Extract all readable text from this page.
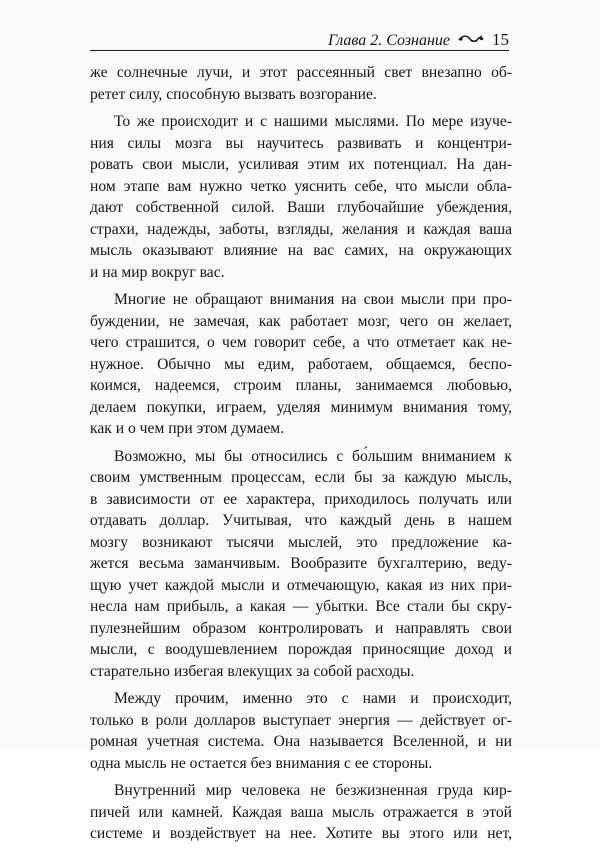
Глава 2. Сознание 15
же солнечные лучи, и этот рассеянный свет внезапно об-
ретет силу, способную вызвать возгорание.
То же происходит и с нашими мыслями. По мере изуче-
ния силы мозга вы научитесь развивать и концентри-
ровать свои мысли, усиливая этим их потенциал. На дан-
ном этапе вам нужно четко уяснить себе, что мысли обла-
дают собственной силой. Ваши глубочайшие убеждения,
страхи, надежды, заботы, взгляды, желания и каждая ваша
мысль оказывают влияние на вас самих, на окружающих
и на мир вокруг вас.
Многие не обращают внимания на свои мысли при про-
буждении, не замечая, как работает мозг, чего он желает,
чего страшится, о чем говорит себе, а что отметает как не-
нужное. Обычно мы едим, работаем, общаемся, беспо-
коимся, надеемся, строим планы, занимаемся любовью,
делаем покупки, играем, уделяя минимум внимания тому,
как и о чем при этом думаем.
Возможно, мы бы относились с бо́льшим вниманием к
своим умственным процессам, если бы за каждую мысль,
в зависимости от ее характера, приходилось получать или
отдавать доллар. Учитывая, что каждый день в нашем
мозгу возникают тысячи мыслей, это предложение ка-
жется весьма заманчивым. Вообразите бухгалтерию, веду-
щую учет каждой мысли и отмечающую, какая из них при-
несла нам прибыль, а какая — убытки. Все стали бы скру-
пулезнейшим образом контролировать и направлять свои
мысли, с воодушевлением порождая приносящие доход и
старательно избегая влекущих за собой расходы.
Между прочим, именно это с нами и происходит,
только в роли долларов выступает энергия — действует ог-
ромная учетная система. Она называется Вселенной, и ни
одна мысль не остается без внимания с ее стороны.
Внутренний мир человека не безжизненная груда кир-
пичей или камней. Каждая ваша мысль отражается в этой
системе и воздействует на нее. Хотите вы этого или нет,
